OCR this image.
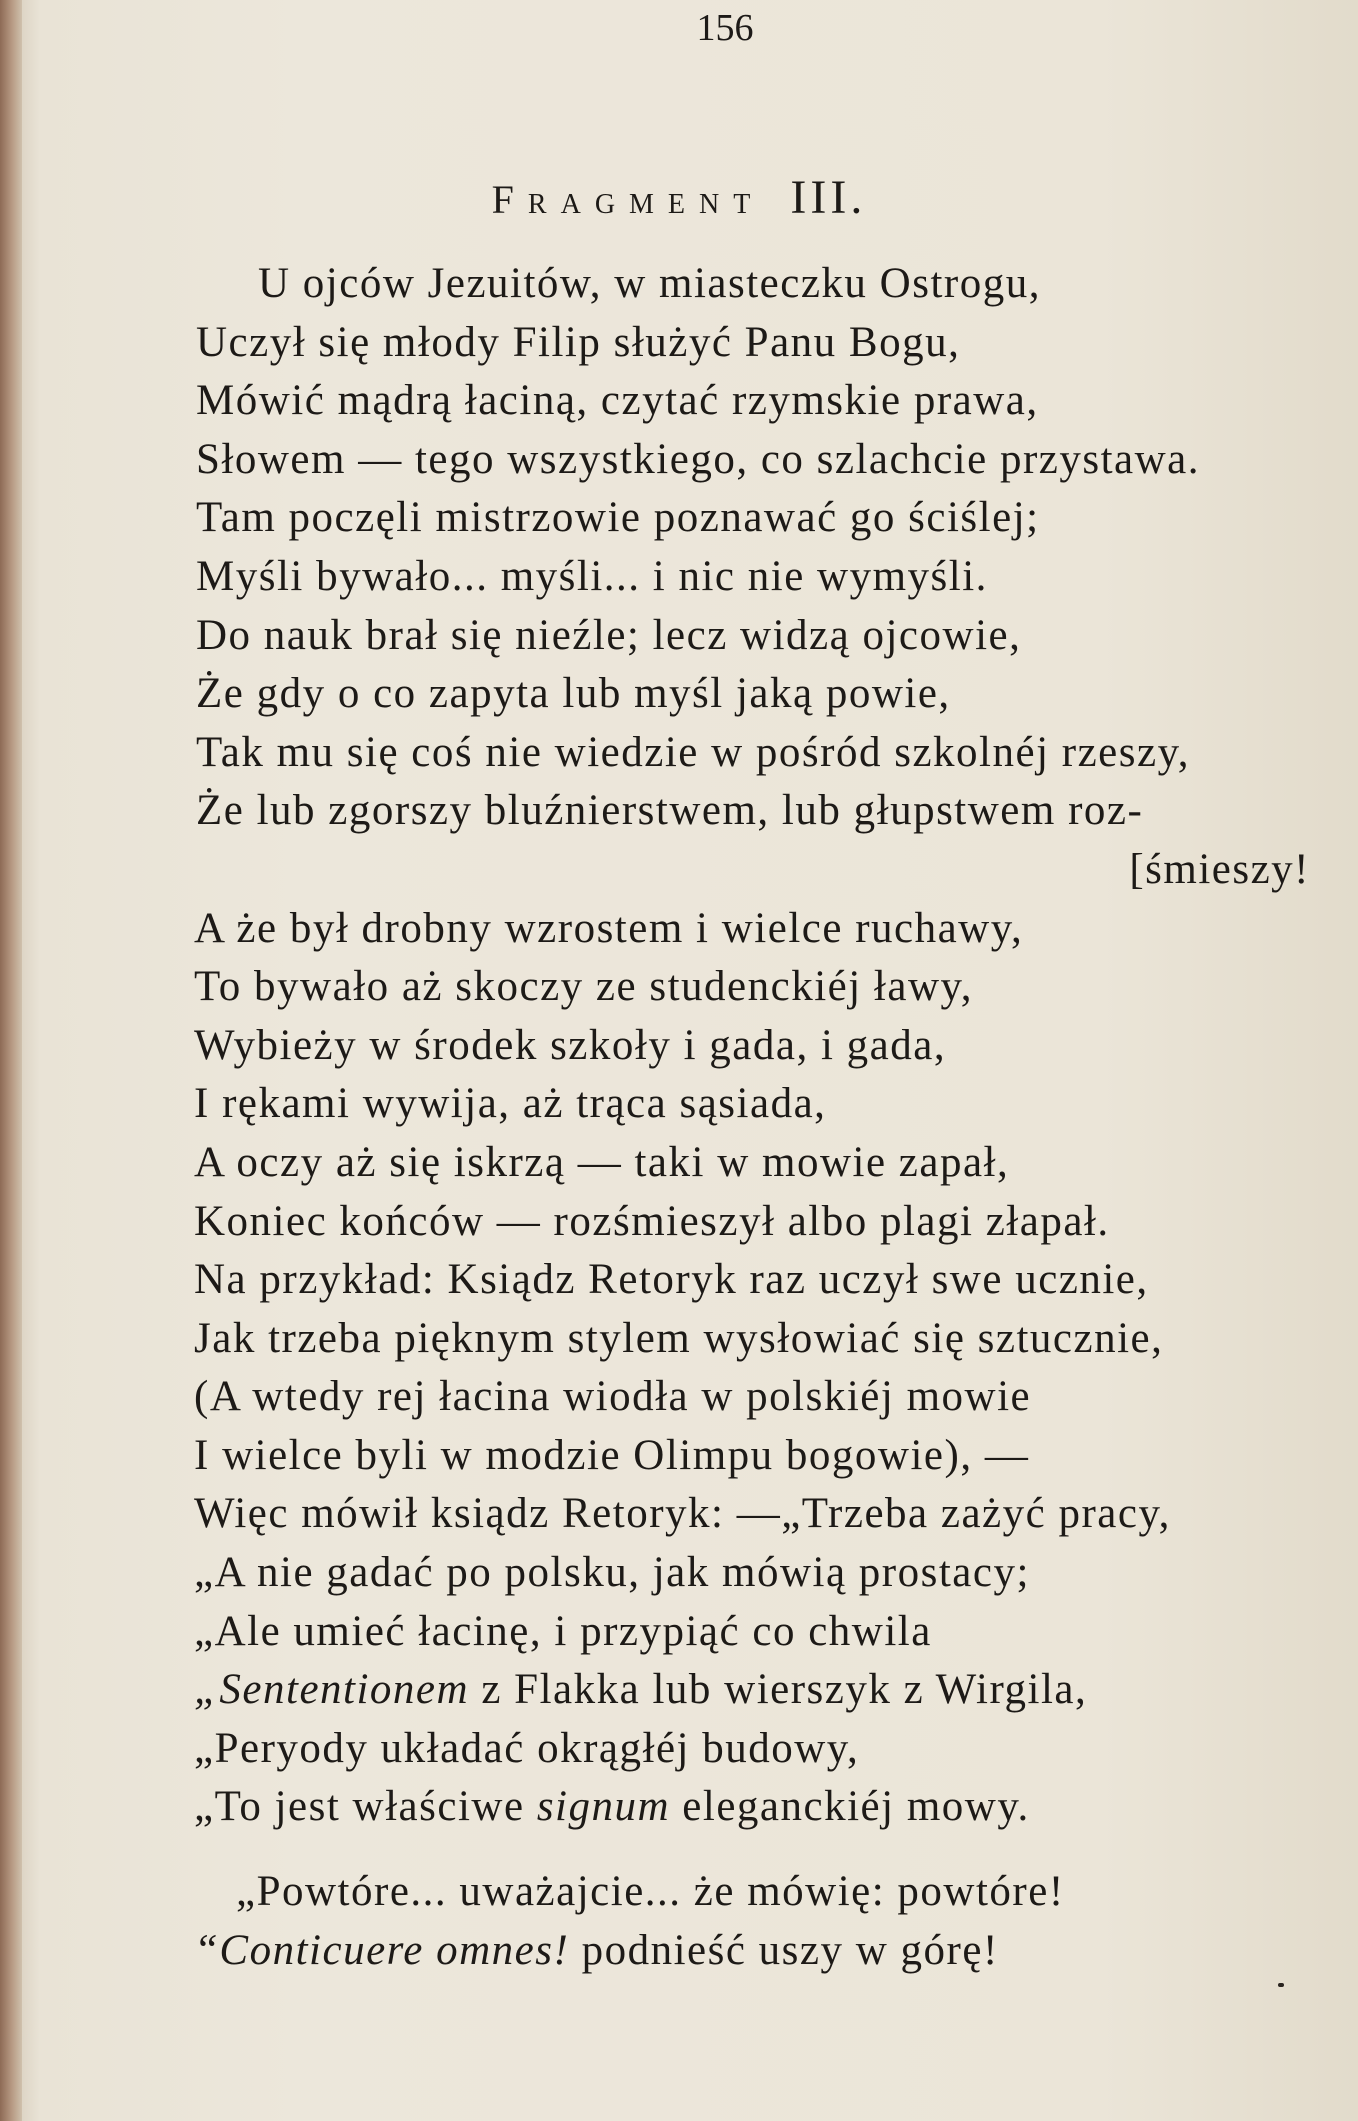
156
Fragment III.
U ojców Jezuitów, w miasteczku Ostrogu,
Uczył się młody Filip służyć Panu Bogu,
Mówić mądrą łaciną, czytać rzymskie prawa,
Słowem — tego wszystkiego, co szlachcie przystawa.
Tam poczęli mistrzowie poznawać go ściślej;
Myśli bywało... myśli... i nic nie wymyśli.
Do nauk brał się nieźle; lecz widzą ojcowie,
Że gdy o co zapyta lub myśl jaką powie,
Tak mu się coś nie wiedzie w pośród szkolnéj rzeszy,
Że lub zgorszy bluźnierstwem, lub głupstwem roz-
[śmieszy!
A że był drobny wzrostem i wielce ruchawy,
To bywało aż skoczy ze studenckiéj ławy,
Wybieży w środek szkoły i gada, i gada,
I rękami wywija, aż trąca sąsiada,
A oczy aż się iskrzą — taki w mowie zapał,
Koniec końców — rozśmieszył albo plagi złapał.
Na przykład: Ksiądz Retoryk raz uczył swe ucznie,
Jak trzeba pięknym stylem wysłowiać się sztucznie,
(A wtedy rej łacina wiodła w polskiéj mowie
I wielce byli w modzie Olimpu bogowie), —
Więc mówił ksiądz Retoryk: —„Trzeba zażyć pracy,
„A nie gadać po polsku, jak mówią prostacy;
„Ale umieć łacinę, i przypiąć co chwila
„Sententionem z Flakka lub wierszyk z Wirgila,
„Peryody układać okrągłéj budowy,
„To jest właściwe signum eleganckiéj mowy.
„Powtóre... uważajcie... że mówię: powtóre!
“Conticuere omnes! podnieść uszy w górę!
